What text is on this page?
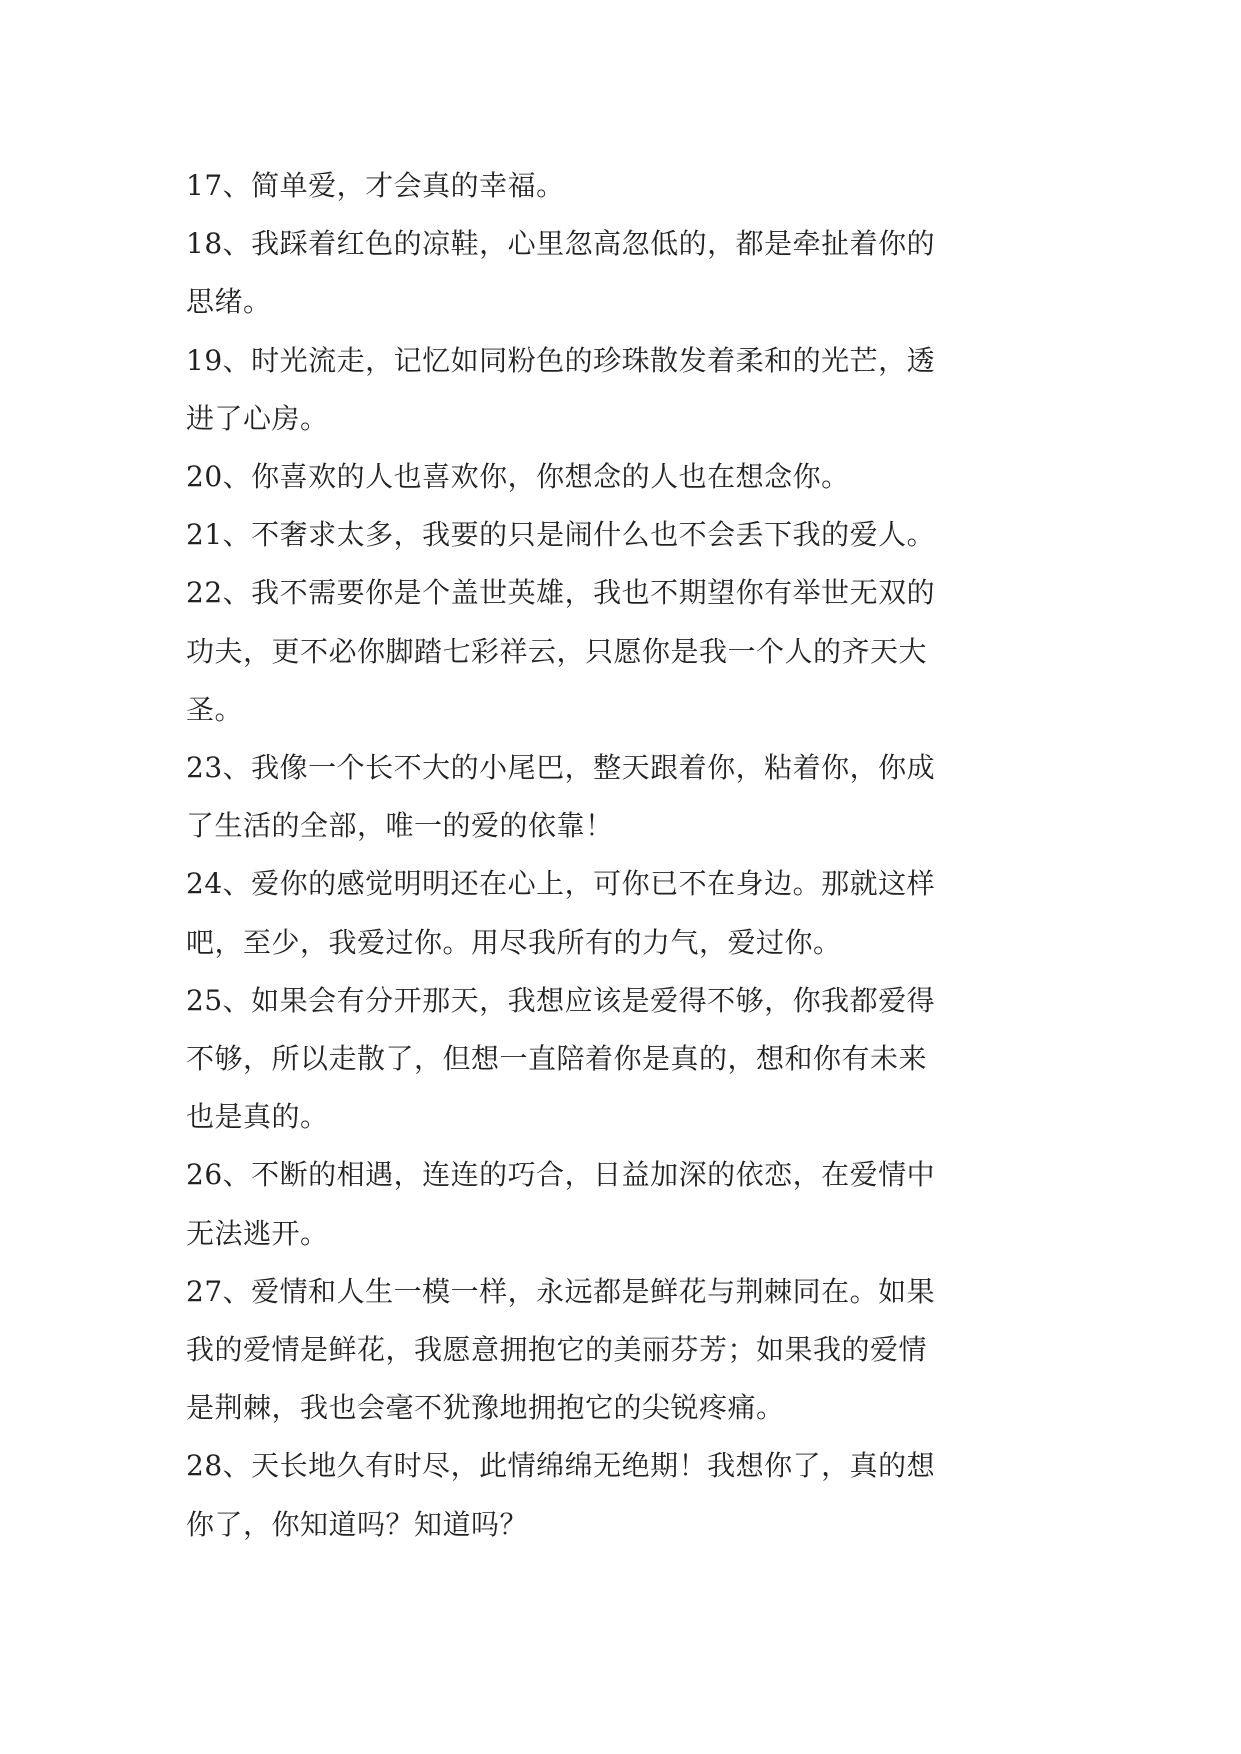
17、简单爱，才会真的幸福。

18、我踩着红色的凉鞋，心里忽高忽低的，都是牵扯着你的

思绪。

19、时光流走，记忆如同粉色的珍珠散发着柔和的光芒，透

进了心房。

20、你喜欢的人也喜欢你，你想念的人也在想念你。

21、不奢求太多，我要的只是闹什么也不会丢下我的爱人。

22、我不需要你是个盖世英雄，我也不期望你有举世无双的

功夫，更不必你脚踏七彩祥云，只愿你是我一个人的齐天大

圣。

23、我像一个长不大的小尾巴，整天跟着你，粘着你，你成

了生活的全部，唯一的爱的依靠！

24、爱你的感觉明明还在心上，可你已不在身边。那就这样

吧，至少，我爱过你。用尽我所有的力气，爱过你。

25、如果会有分开那天，我想应该是爱得不够，你我都爱得

不够，所以走散了，但想一直陪着你是真的，想和你有未来

也是真的。

26、不断的相遇，连连的巧合，日益加深的依恋，在爱情中

无法逃开。

27、爱情和人生一模一样，永远都是鲜花与荆棘同在。如果

我的爱情是鲜花，我愿意拥抱它的美丽芬芳；如果我的爱情

是荆棘，我也会毫不犹豫地拥抱它的尖锐疼痛。

28、天长地久有时尽，此情绵绵无绝期！我想你了，真的想

你了，你知道吗？知道吗？
